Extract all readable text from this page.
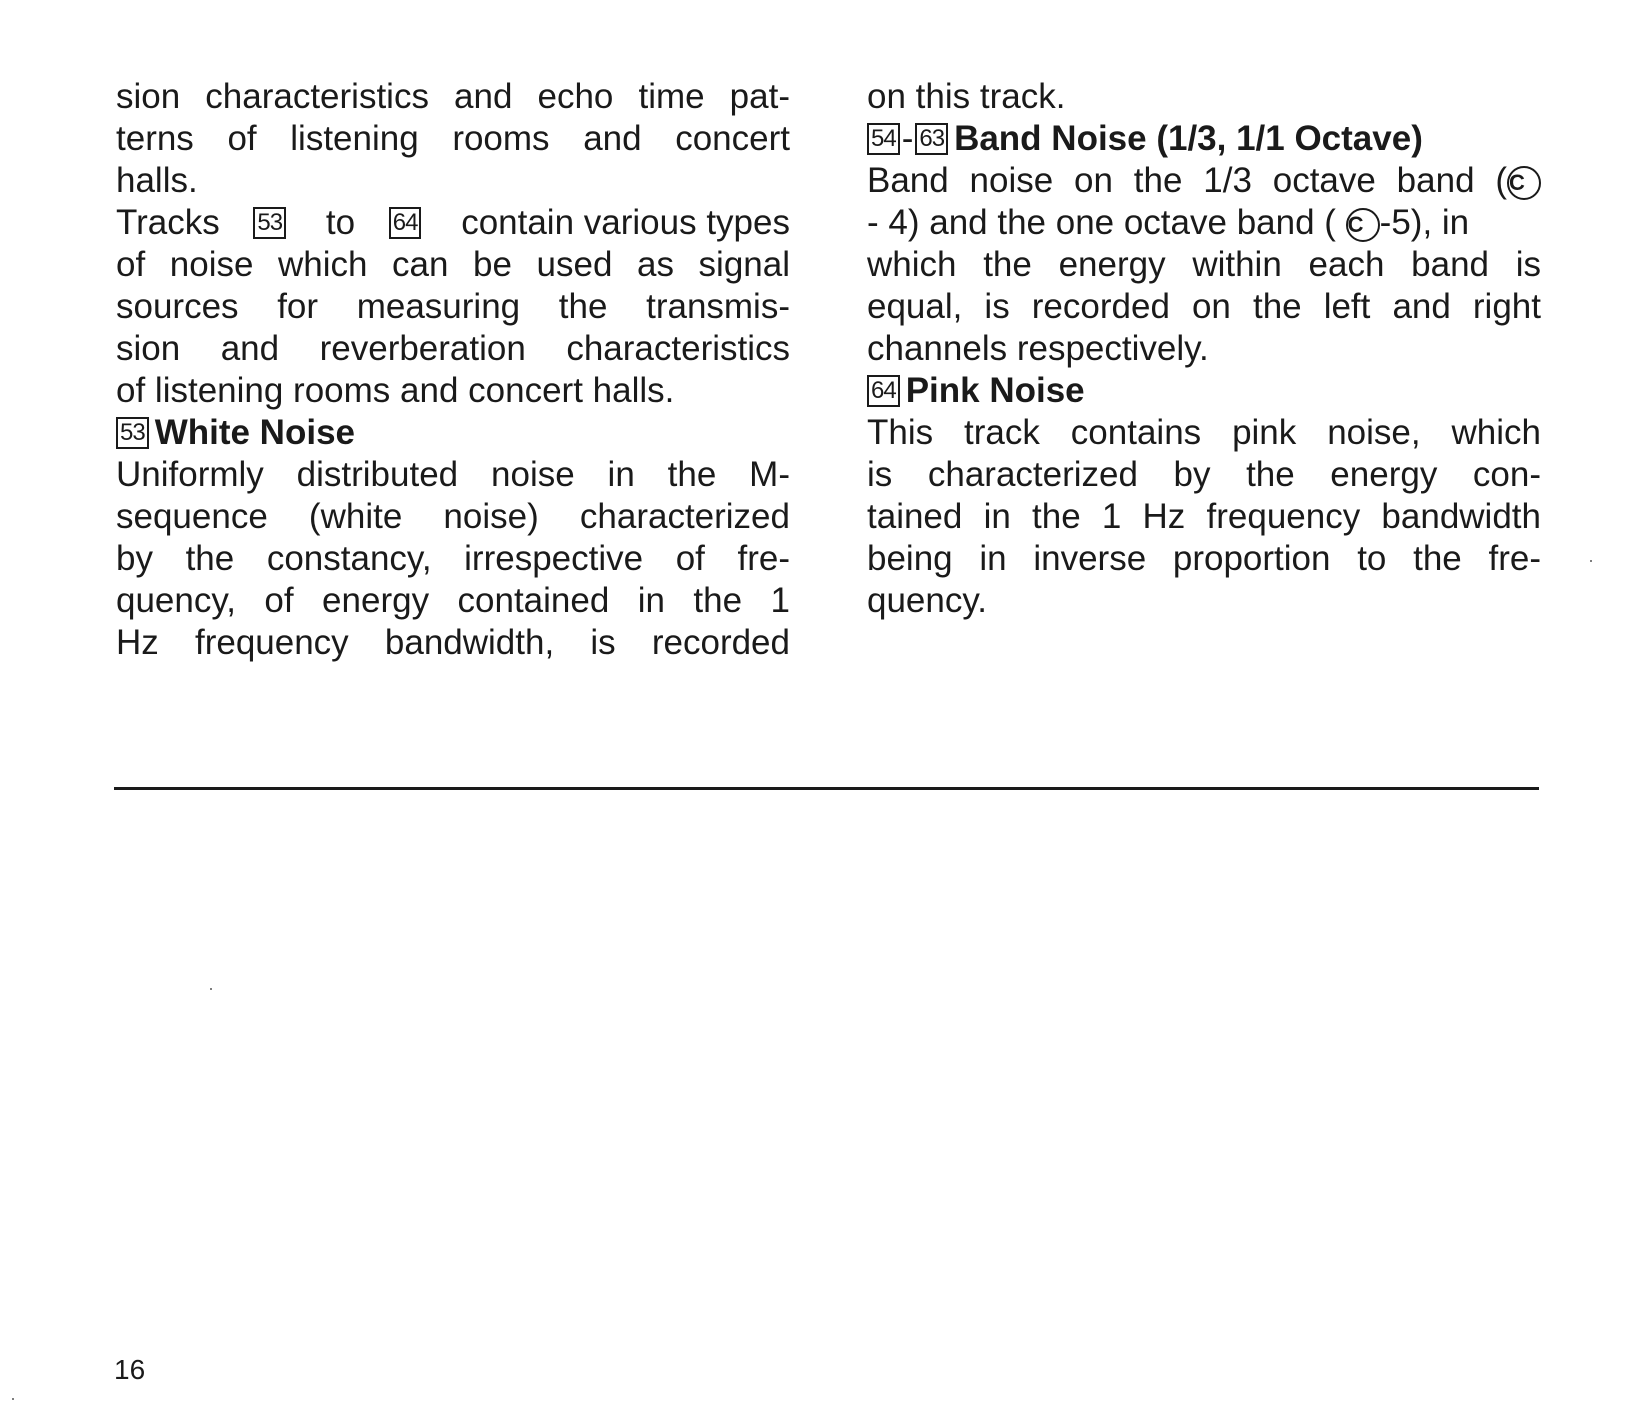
sion characteristics and echo time pat-
terns of listening rooms and concert
halls.
Tracks 53 to 64 contain various types
of noise which can be used as signal
sources for measuring the transmis-
sion and reverberation characteristics
of listening rooms and concert halls.
53 White Noise
Uniformly distributed noise in the M-
sequence (white noise) characterized
by the constancy, irrespective of fre-
quency, of energy contained in the 1
Hz frequency bandwidth, is recorded
on this track.
54 - 63 Band Noise (1/3, 1/1 Octave)
Band noise on the 1/3 octave band (C
- 4) and the one octave band ( C -5), in
which the energy within each band is
equal, is recorded on the left and right
channels respectively.
64 Pink Noise
This track contains pink noise, which
is characterized by the energy con-
tained in the 1 Hz frequency bandwidth
being in inverse proportion to the fre-
quency.
16
